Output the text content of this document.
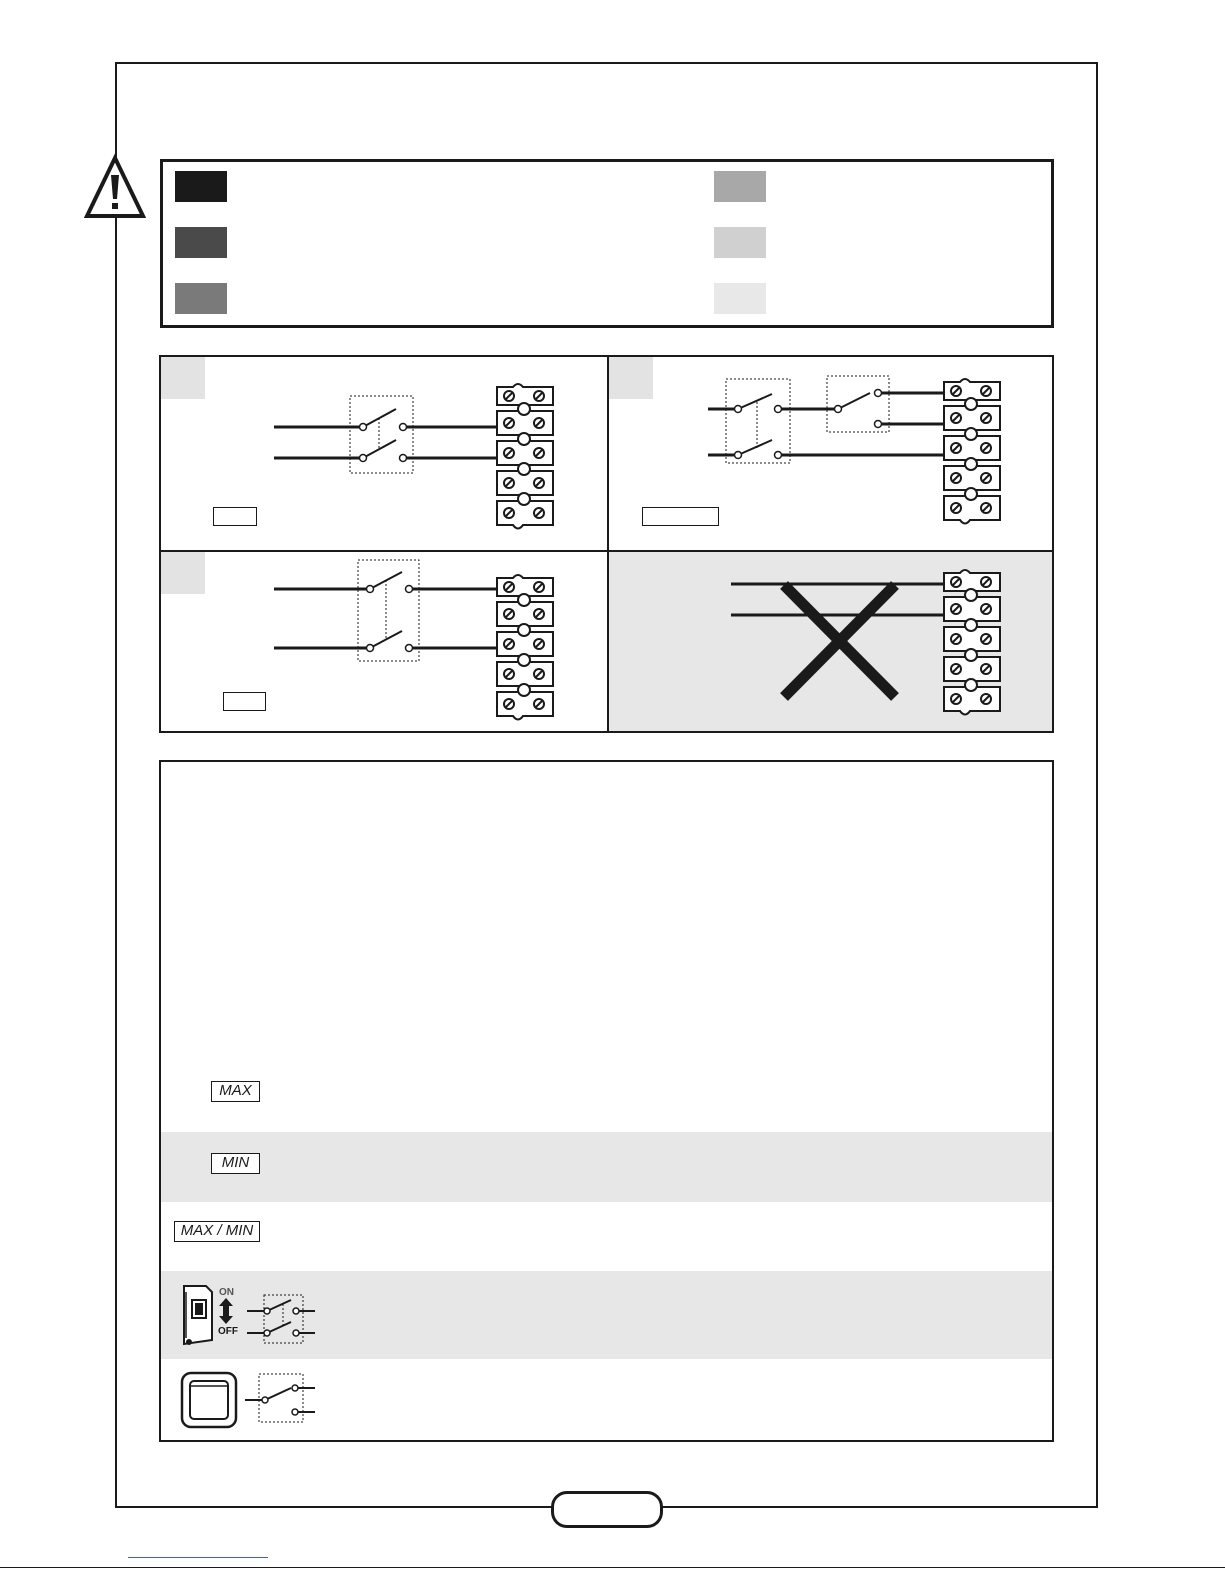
MAX
MIN
MAX / MIN
ON
OFF
